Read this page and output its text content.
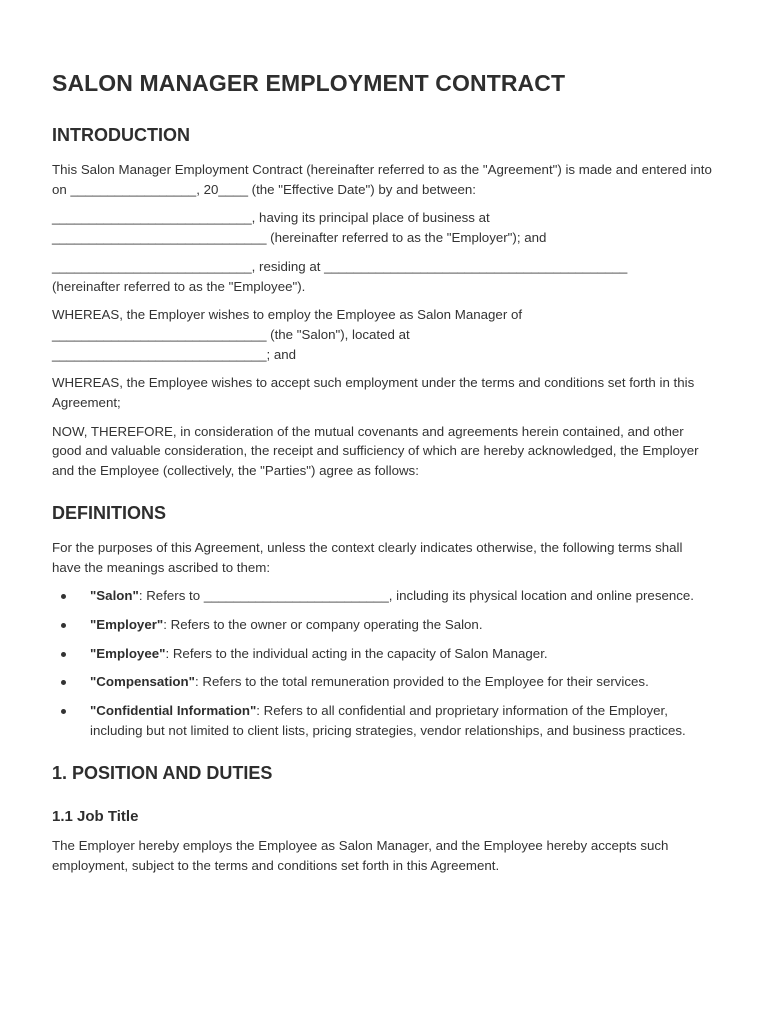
SALON MANAGER EMPLOYMENT CONTRACT
INTRODUCTION

This Salon Manager Employment Contract (hereinafter referred to as the "Agreement") is made and entered into on _________________, 20____ (the "Effective Date") by and between:

___________________________, having its principal place of business at

_____________________________ (hereinafter referred to as the "Employer"); and

___________________________, residing at _________________________________________

(hereinafter referred to as the "Employee").

WHEREAS, the Employer wishes to employ the Employee as Salon Manager of

_____________________________ (the "Salon"), located at

_____________________________; and

WHEREAS, the Employee wishes to accept such employment under the terms and conditions set forth in this Agreement;

NOW, THEREFORE, in consideration of the mutual covenants and agreements herein contained, and other good and valuable consideration, the receipt and sufficiency of which are hereby acknowledged, the Employer and the Employee (collectively, the "Parties") agree as follows:

DEFINITIONS

For the purposes of this Agreement, unless the context clearly indicates otherwise, the following terms shall have the meanings ascribed to them:

"Salon": Refers to _________________________, including its physical location and online presence.
"Employer": Refers to the owner or company operating the Salon.
"Employee": Refers to the individual acting in the capacity of Salon Manager.
"Compensation": Refers to the total remuneration provided to the Employee for their services.
"Confidential Information": Refers to all confidential and proprietary information of the Employer, including but not limited to client lists, pricing strategies, vendor relationships, and business practices.
1. POSITION AND DUTIES
1.1 Job Title

The Employer hereby employs the Employee as Salon Manager, and the Employee hereby accepts such employment, subject to the terms and conditions set forth in this Agreement.
